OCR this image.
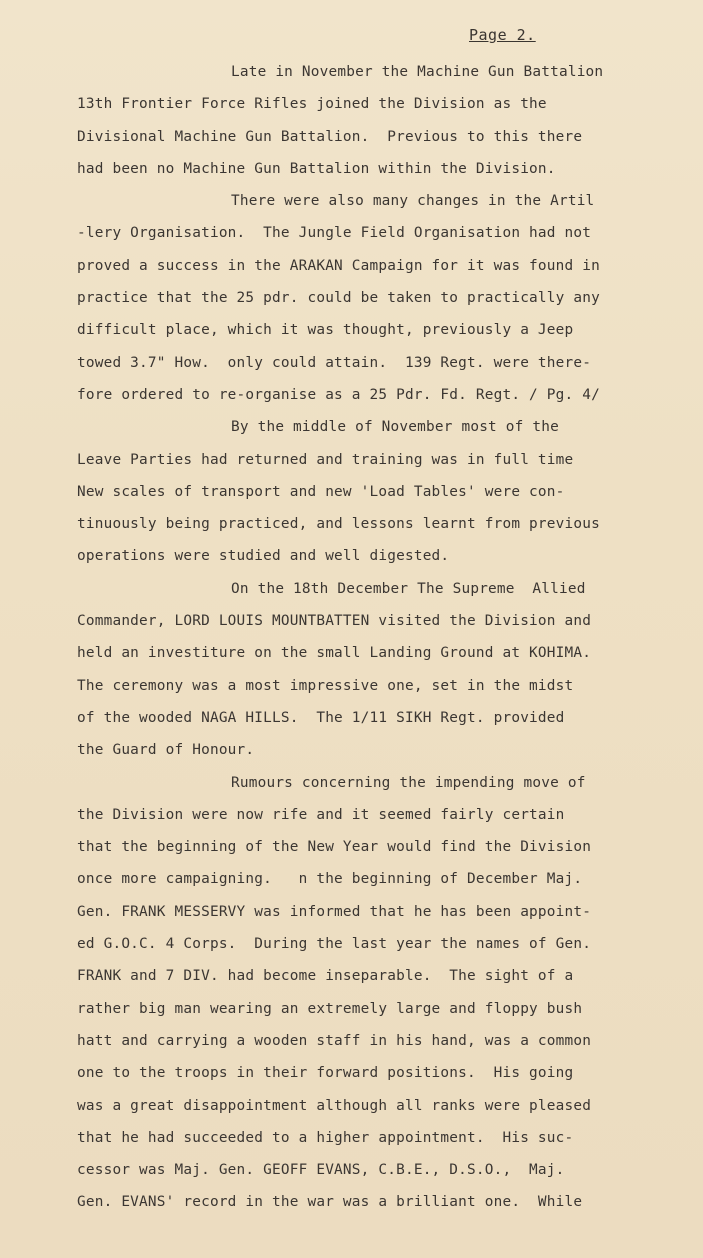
Page 2.
Late in November the Machine Gun Battalion
13th Frontier Force Rifles joined the Division as the
Divisional Machine Gun Battalion.  Previous to this there
had been no Machine Gun Battalion within the Division.
There were also many changes in the Artil
-lery Organisation.  The Jungle Field Organisation had not
proved a success in the ARAKAN Campaign for it was found in
practice that the 25 pdr. could be taken to practically any
difficult place, which it was thought, previously a Jeep
towed 3.7" How.  only could attain.  139 Regt. were there-
fore ordered to re-organise as a 25 Pdr. Fd. Regt. / Pg. 4/
By the middle of November most of the
Leave Parties had returned and training was in full time
New scales of transport and new 'Load Tables' were con-
tinuously being practiced, and lessons learnt from previous
operations were studied and well digested.
On the 18th December The Supreme  Allied
Commander, LORD LOUIS MOUNTBATTEN visited the Division and
held an investiture on the small Landing Ground at KOHIMA.
The ceremony was a most impressive one, set in the midst
of the wooded NAGA HILLS.  The 1/11 SIKH Regt. provided
the Guard of Honour.
Rumours concerning the impending move of
the Division were now rife and it seemed fairly certain
that the beginning of the New Year would find the Division
once more campaigning.   n the beginning of December Maj.
Gen. FRANK MESSERVY was informed that he has been appoint-
ed G.O.C. 4 Corps.  During the last year the names of Gen.
FRANK and 7 DIV. had become inseparable.  The sight of a
rather big man wearing an extremely large and floppy bush
hatt and carrying a wooden staff in his hand, was a common
one to the troops in their forward positions.  His going
was a great disappointment although all ranks were pleased
that he had succeeded to a higher appointment.  His suc-
cessor was Maj. Gen. GEOFF EVANS, C.B.E., D.S.O.,  Maj.
Gen. EVANS' record in the war was a brilliant one.  While
